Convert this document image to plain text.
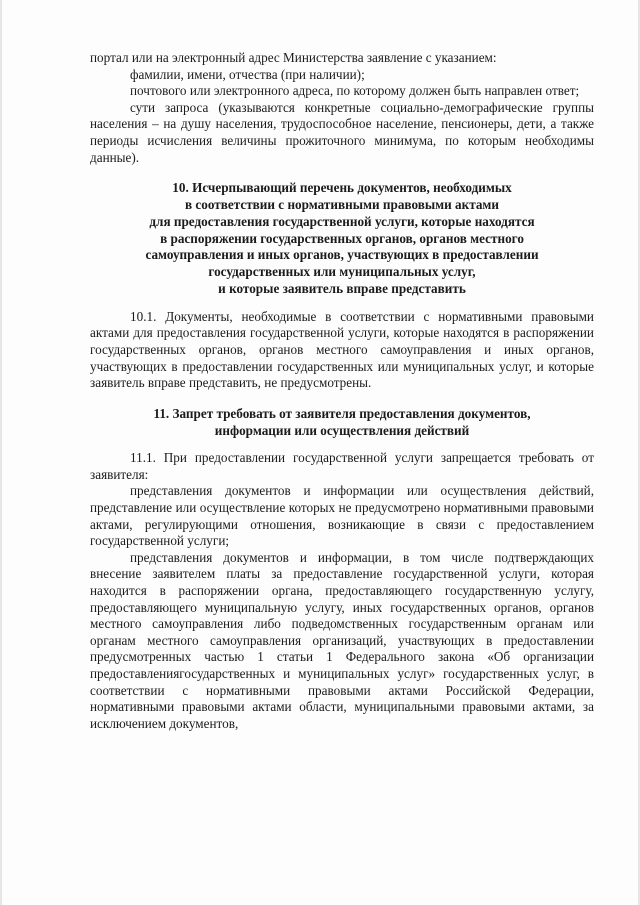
портал или на электронный адрес Министерства заявление с указанием:

фамилии, имени, отчества (при наличии);

почтового или электронного адреса, по которому должен быть направлен ответ;

сути запроса (указываются конкретные социально-демографические группы населения – на душу населения, трудоспособное население, пенсионеры, дети, а также периоды исчисления величины прожиточного минимума, по которым необходимы данные).

10. Исчерпывающий перечень документов, необходимых
в соответствии с нормативными правовыми актами
для предоставления государственной услуги, которые находятся
в распоряжении государственных органов, органов местного
самоуправления и иных органов, участвующих в предоставлении
государственных или муниципальных услуг,
и которые заявитель вправе представить

10.1. Документы, необходимые в соответствии с нормативными правовыми актами для предоставления государственной услуги, которые находятся в распоряжении государственных органов, органов местного самоуправления и иных органов, участвующих в предоставлении государственных или муниципальных услуг, и которые заявитель вправе представить, не предусмотрены.

11. Запрет требовать от заявителя предоставления документов,
информации или осуществления действий

11.1. При предоставлении государственной услуги запрещается требовать от заявителя:

представления документов и информации или осуществления действий, представление или осуществление которых не предусмотрено нормативными правовыми актами, регулирующими отношения, возникающие в связи с предоставлением государственной услуги;

представления документов и информации, в том числе подтверждающих внесение заявителем платы за предоставление государственной услуги, которая находится в распоряжении органа, предоставляющего государственную услугу, предоставляющего муниципальную услугу, иных государственных органов, органов местного самоуправления либо подведомственных государственным органам или органам местного самоуправления организаций, участвующих в предоставлении предусмотренных частью 1 статьи 1 Федерального закона «Об организации предоставлениягосударственных и муниципальных услуг» государственных услуг, в соответствии с нормативными правовыми актами Российской Федерации, нормативными правовыми актами области, муниципальными правовыми актами, за исключением документов,
